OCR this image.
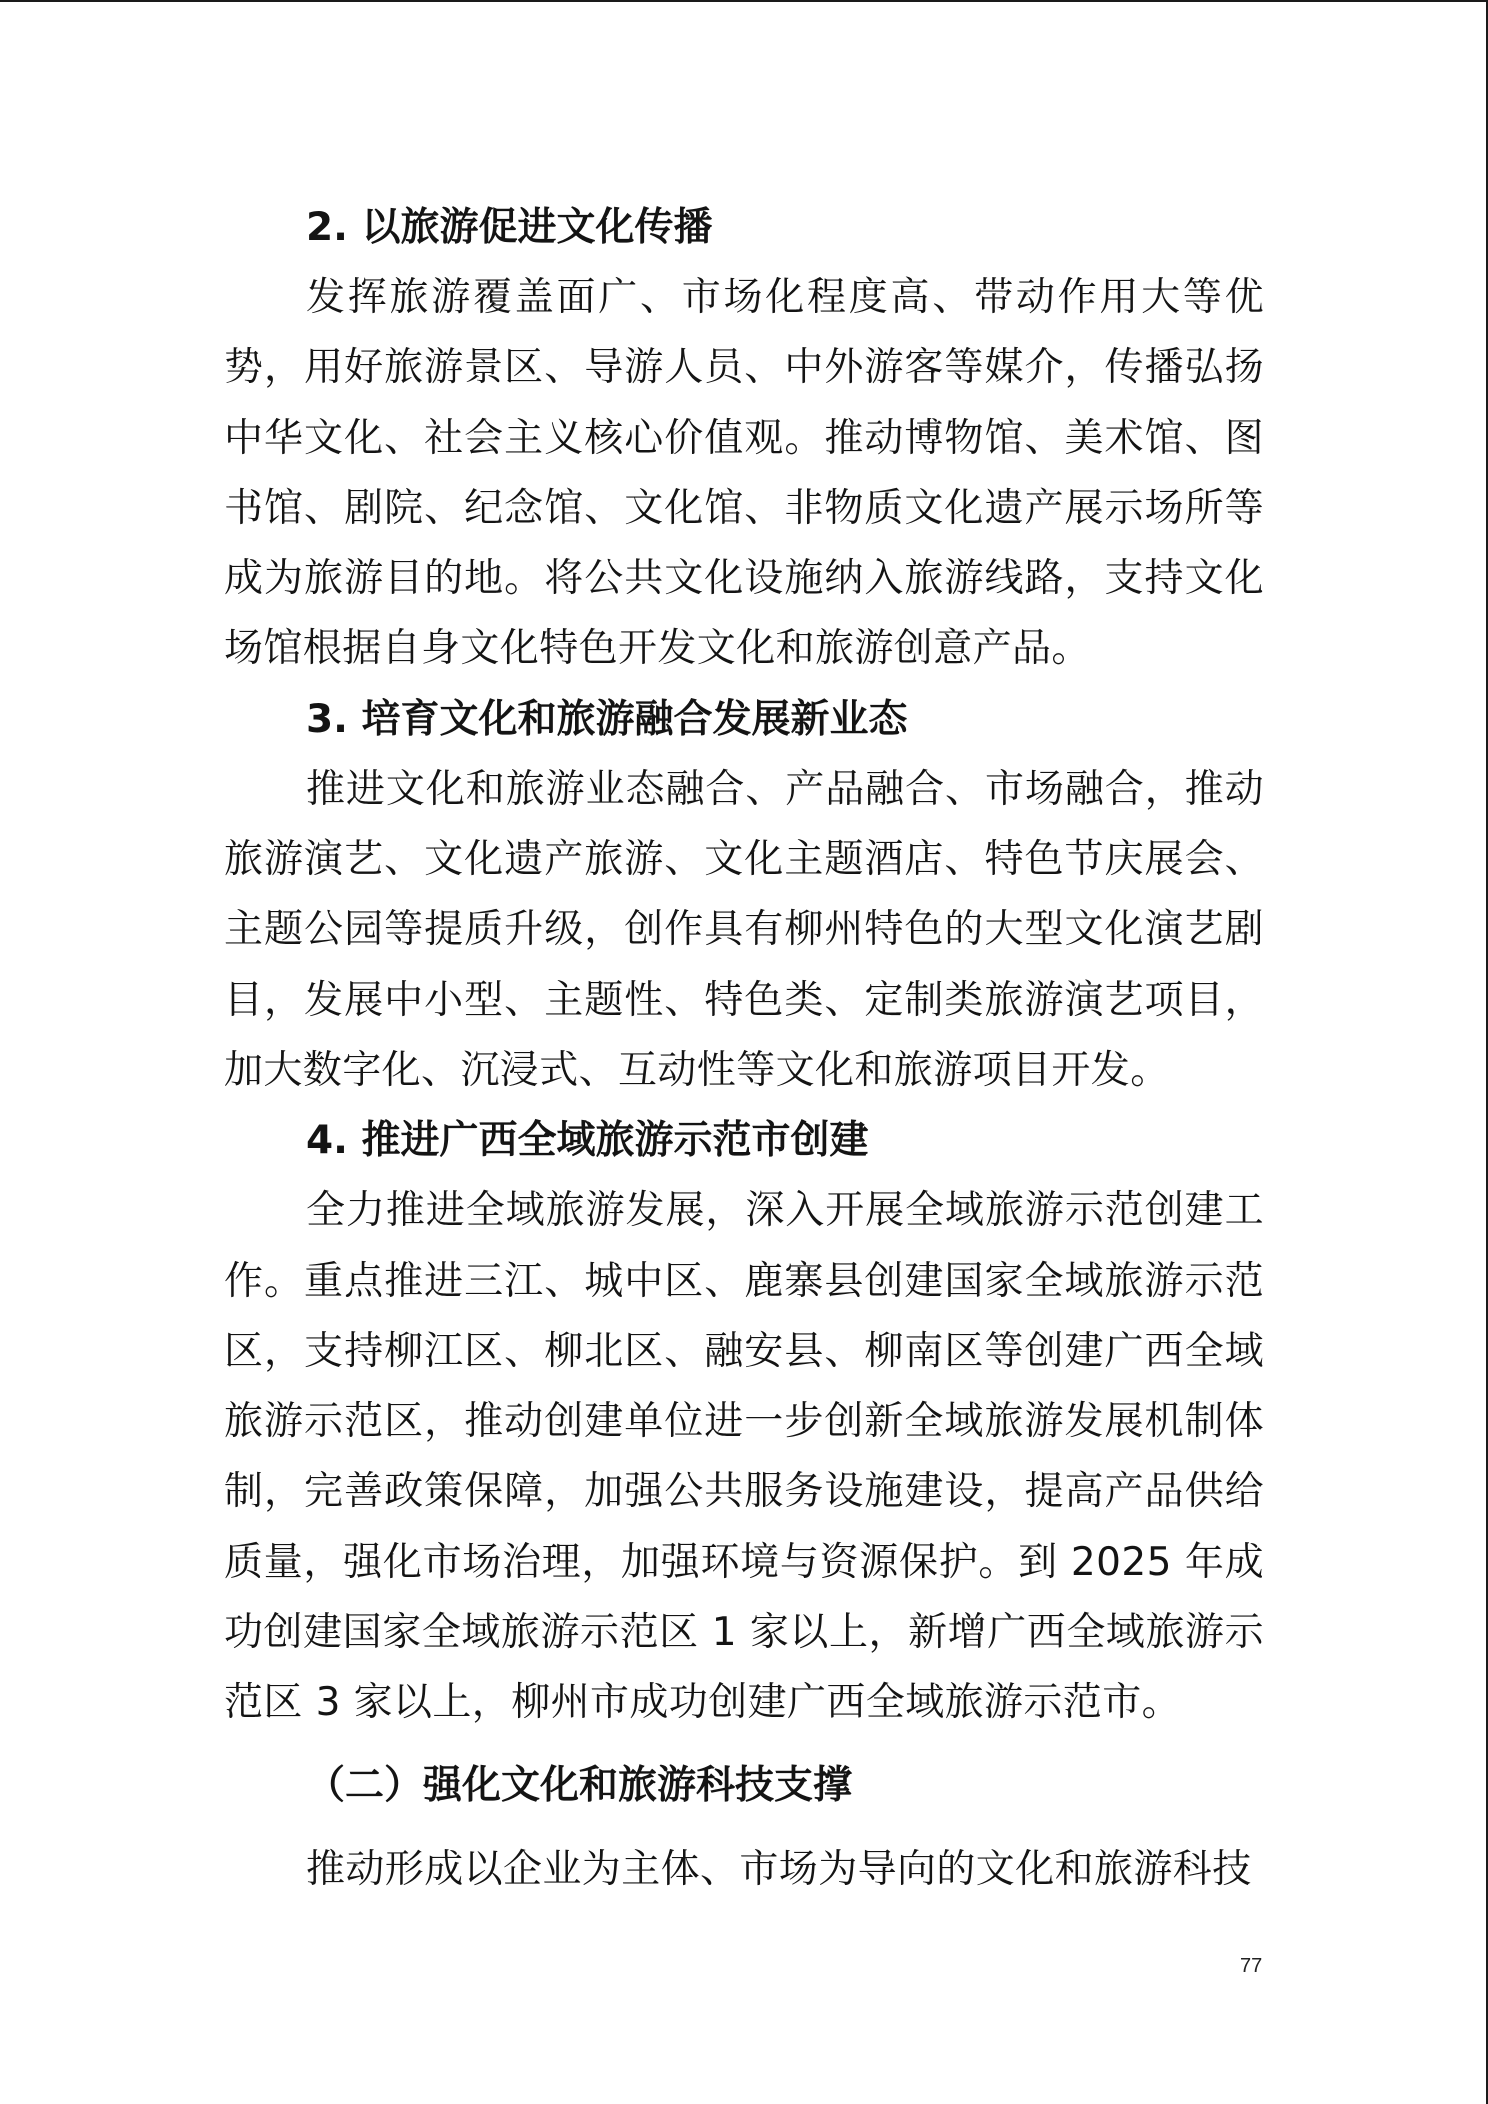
2. 以旅游促进文化传播
发挥旅游覆盖面广、市场化程度高、带动作用大等优势，用好旅游景区、导游人员、中外游客等媒介，传播弘扬中华文化、社会主义核心价值观。推动博物馆、美术馆、图书馆、剧院、纪念馆、文化馆、非物质文化遗产展示场所等成为旅游目的地。将公共文化设施纳入旅游线路，支持文化场馆根据自身文化特色开发文化和旅游创意产品。
3. 培育文化和旅游融合发展新业态
推进文化和旅游业态融合、产品融合、市场融合，推动旅游演艺、文化遗产旅游、文化主题酒店、特色节庆展会、主题公园等提质升级，创作具有柳州特色的大型文化演艺剧目，发展中小型、主题性、特色类、定制类旅游演艺项目，加大数字化、沉浸式、互动性等文化和旅游项目开发。
4. 推进广西全域旅游示范市创建
全力推进全域旅游发展，深入开展全域旅游示范创建工作。重点推进三江、城中区、鹿寨县创建国家全域旅游示范区，支持柳江区、柳北区、融安县、柳南区等创建广西全域旅游示范区，推动创建单位进一步创新全域旅游发展机制体制，完善政策保障，加强公共服务设施建设，提高产品供给质量，强化市场治理，加强环境与资源保护。到 2025 年成功创建国家全域旅游示范区 1 家以上，新增广西全域旅游示范区 3 家以上，柳州市成功创建广西全域旅游示范市。
（二）强化文化和旅游科技支撑
推动形成以企业为主体、市场为导向的文化和旅游科技
77
